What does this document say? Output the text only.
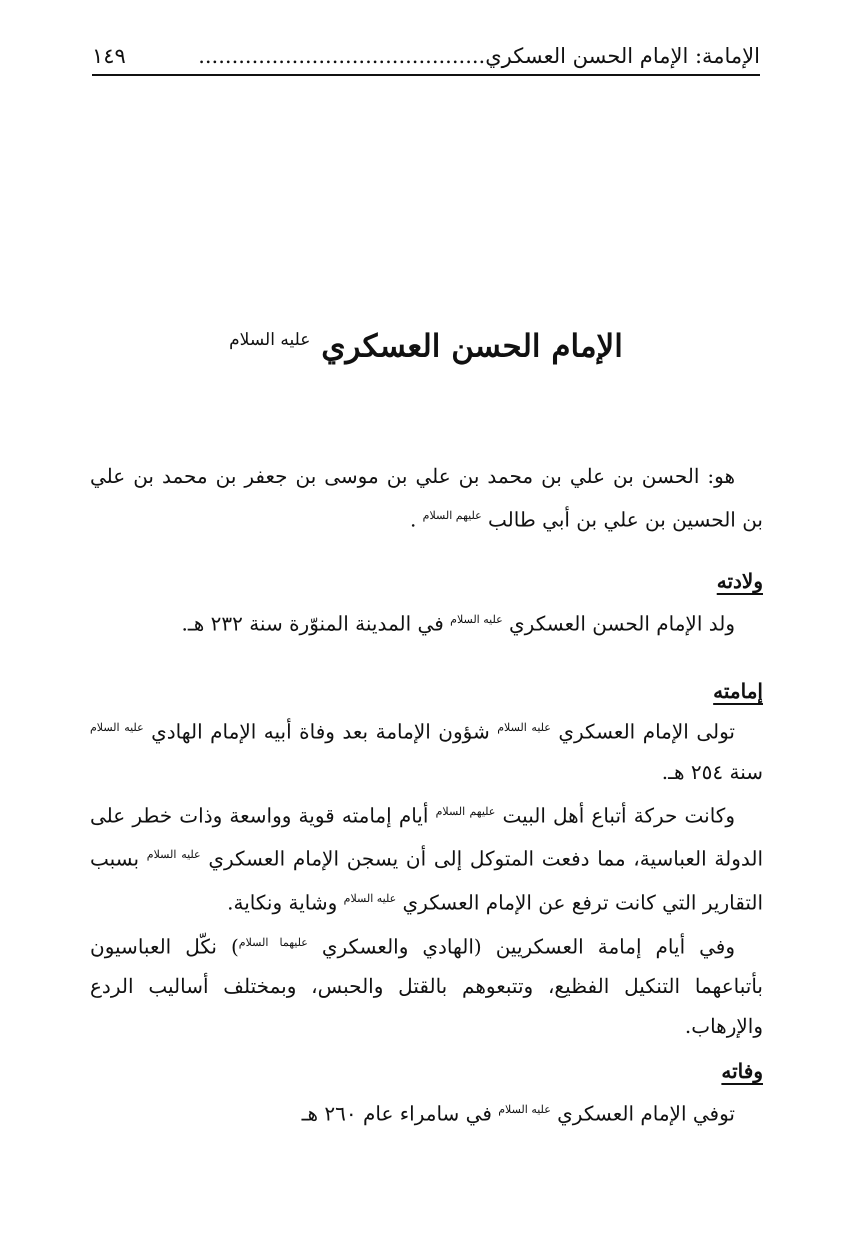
الإمامة: الإمام الحسن العسكري...........................................
١٤٩
الإمام الحسن العسكري $^{عليه السلام}$

هو: الحسن بن علي بن محمد بن علي بن موسى بن جعفر بن محمد بن علي بن الحسين بن علي بن أبي طالب $^{عليهم السلام}$ .

ولادته

ولد الإمام الحسن العسكري $^{عليه السلام}$ في المدينة المنوّرة سنة ٢٣٢ هـ.

إمامته

تولى الإمام العسكري $^{عليه السلام}$ شؤون الإمامة بعد وفاة أبيه الإمام الهادي $^{عليه السلام}$ سنة ٢٥٤ هـ.

وكانت حركة أتباع أهل البيت $^{عليهم السلام}$ أيام إمامته قوية وواسعة وذات خطر على الدولة العباسية، مما دفعت المتوكل إلى أن يسجن الإمام العسكري $^{عليه السلام}$ بسبب التقارير التي كانت ترفع عن الإمام العسكري $^{عليه السلام}$ وشاية ونكاية.

وفي أيام إمامة العسكريين (الهادي والعسكري $^{عليهما السلام}$) نكّل العباسيون بأتباعهما التنكيل الفظيع، وتتبعوهم بالقتل والحبس، وبمختلف أساليب الردع والإرهاب.

وفاته

توفي الإمام العسكري $^{عليه السلام}$ في سامراء عام ٢٦٠ هـ
